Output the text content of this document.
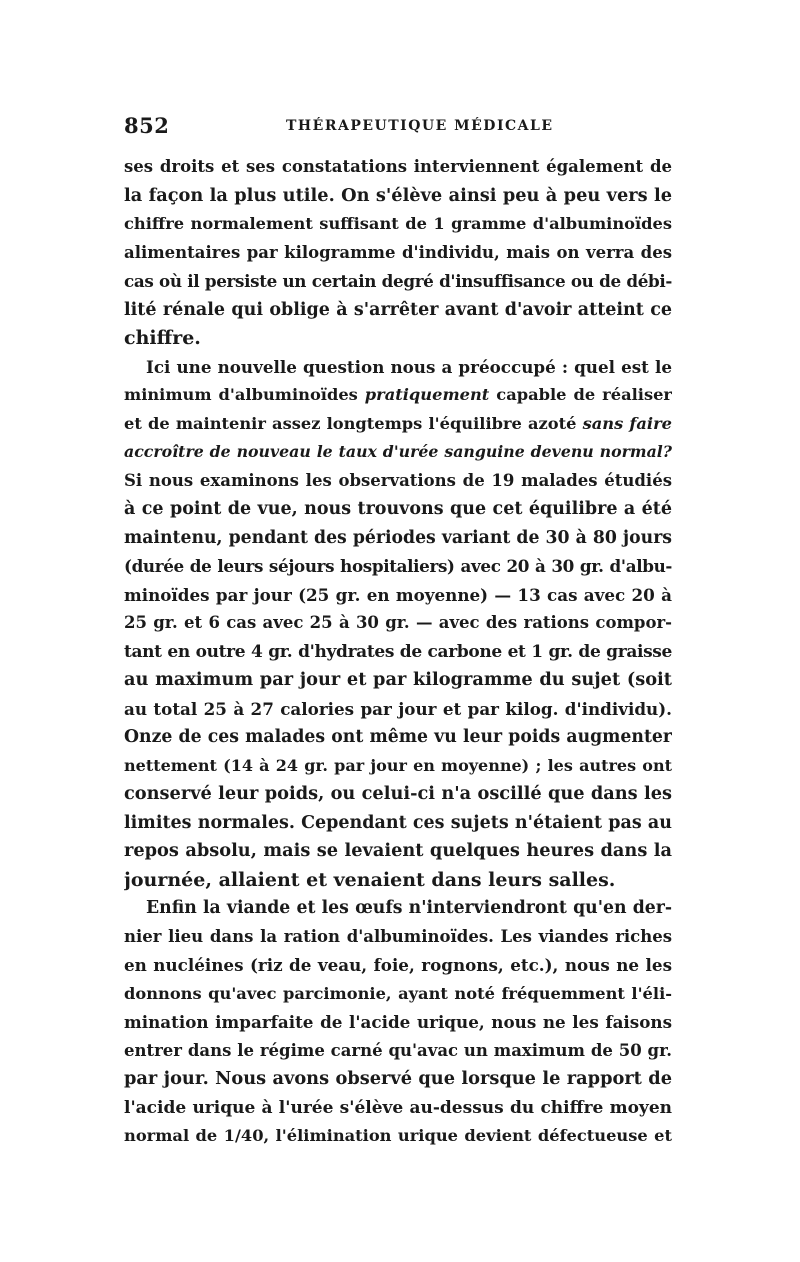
852	THÉRAPEUTIQUE MÉDICALE
ses droits et ses constatations interviennent également de
la façon la plus utile. On s'élève ainsi peu à peu vers le
chiffre normalement suffisant de 1 gramme d'albuminoïdes
alimentaires par kilogramme d'individu, mais on verra des
cas où il persiste un certain degré d'insuffisance ou de débi-
lité rénale qui oblige à s'arrêter avant d'avoir atteint ce
chiffre.
Ici une nouvelle question nous a préoccupé : quel est le
minimum d'albuminoïdes pratiquement capable de réaliser
et de maintenir assez longtemps l'équilibre azoté sans faire
accroître de nouveau le taux d'urée sanguine devenu normal?
Si nous examinons les observations de 19 malades étudiés
à ce point de vue, nous trouvons que cet équilibre a été
maintenu, pendant des périodes variant de 30 à 80 jours
(durée de leurs séjours hospitaliers) avec 20 à 30 gr. d'albu-
minoïdes par jour (25 gr. en moyenne) — 13 cas avec 20 à
25 gr. et 6 cas avec 25 à 30 gr. — avec des rations compor-
tant en outre 4 gr. d'hydrates de carbone et 1 gr. de graisse
au maximum par jour et par kilogramme du sujet (soit
au total 25 à 27 calories par jour et par kilog. d'individu).
Onze de ces malades ont même vu leur poids augmenter
nettement (14 à 24 gr. par jour en moyenne) ; les autres ont
conservé leur poids, ou celui-ci n'a oscillé que dans les
limites normales. Cependant ces sujets n'étaient pas au
repos absolu, mais se levaient quelques heures dans la
journée, allaient et venaient dans leurs salles.
Enfin la viande et les œufs n'interviendront qu'en der-
nier lieu dans la ration d'albuminoïdes. Les viandes riches
en nucléines (riz de veau, foie, rognons, etc.), nous ne les
donnons qu'avec parcimonie, ayant noté fréquemment l'éli-
mination imparfaite de l'acide urique, nous ne les faisons
entrer dans le régime carné qu'avac un maximum de 50 gr.
par jour. Nous avons observé que lorsque le rapport de
l'acide urique à l'urée s'élève au-dessus du chiffre moyen
normal de 1/40, l'élimination urique devient défectueuse et
